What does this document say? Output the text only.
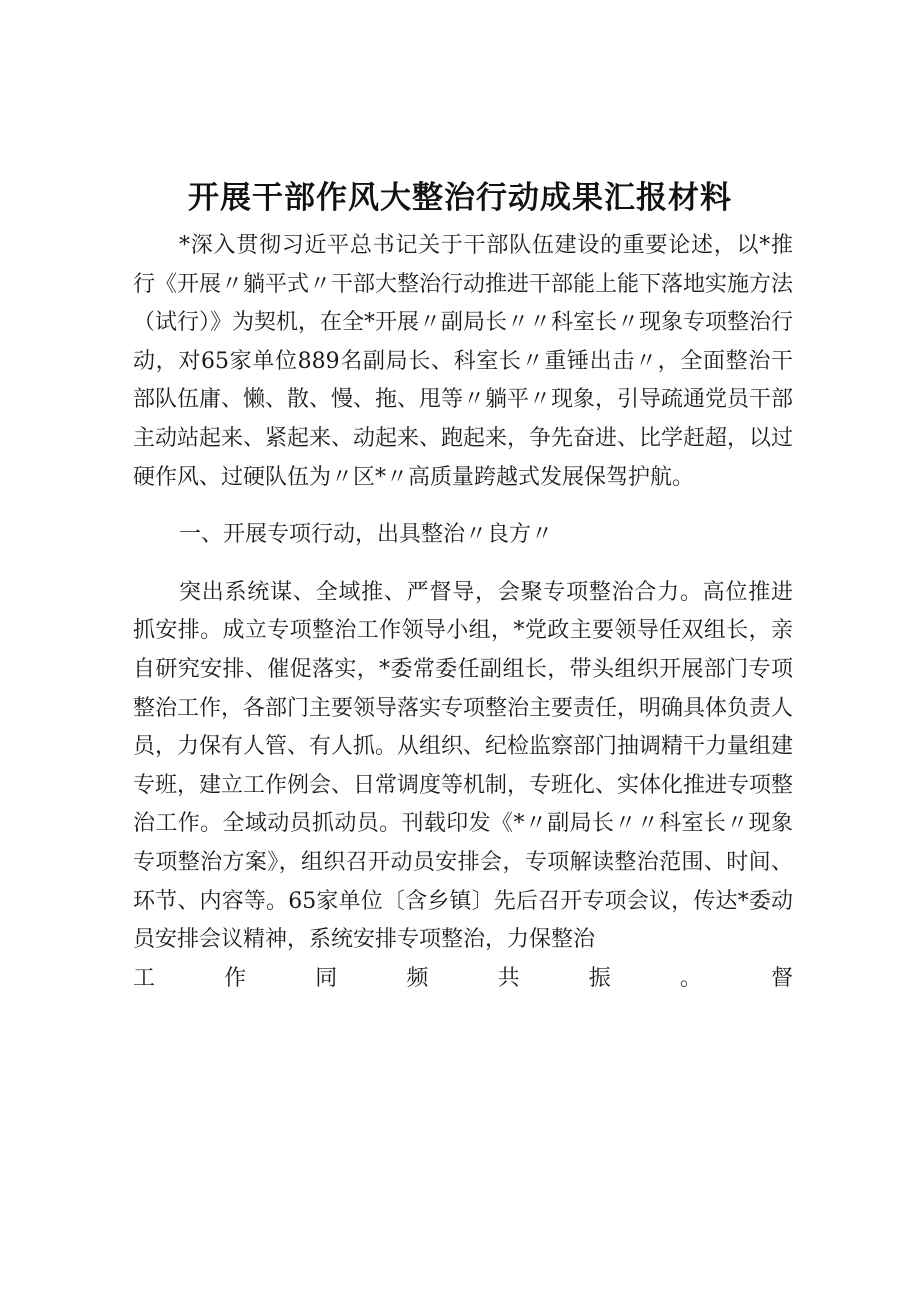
开展干部作风大整治行动成果汇报材料

*深入贯彻习近平总书记关于干部队伍建设的重要论述，以*推行《开展〃躺平式〃干部大整治行动推进干部能上能下落地实施方法（试行）》为契机，在全*开展〃副局长〃〃科室长〃现象专项整治行动，对65家单位889名副局长、科室长〃重锤出击〃，全面整治干部队伍庸、懒、散、慢、拖、甩等〃躺平〃现象，引导疏通党员干部主动站起来、紧起来、动起来、跑起来，争先奋进、比学赶超，以过硬作风、过硬队伍为〃区*〃高质量跨越式发展保驾护航。

一、开展专项行动，出具整治〃良方〃

突出系统谋、全域推、严督导，会聚专项整治合力。高位推进抓安排。成立专项整治工作领导小组，*党政主要领导任双组长，亲自研究安排、催促落实，*委常委任副组长，带头组织开展部门专项整治工作，各部门主要领导落实专项整治主要责任，明确具体负责人员，力保有人管、有人抓。从组织、纪检监察部门抽调精干力量组建专班，建立工作例会、日常调度等机制，专班化、实体化推进专项整治工作。全域动员抓动员。刊载印发《*〃副局长〃〃科室长〃现象专项整治方案》，组织召开动员安排会，专项解读整治范围、时间、环节、内容等。65家单位〔含乡镇〕先后召开专项会议，传达*委动员安排会议精神，系统安排专项整治，力保整治

工	作	同	频	共	振	。	督
